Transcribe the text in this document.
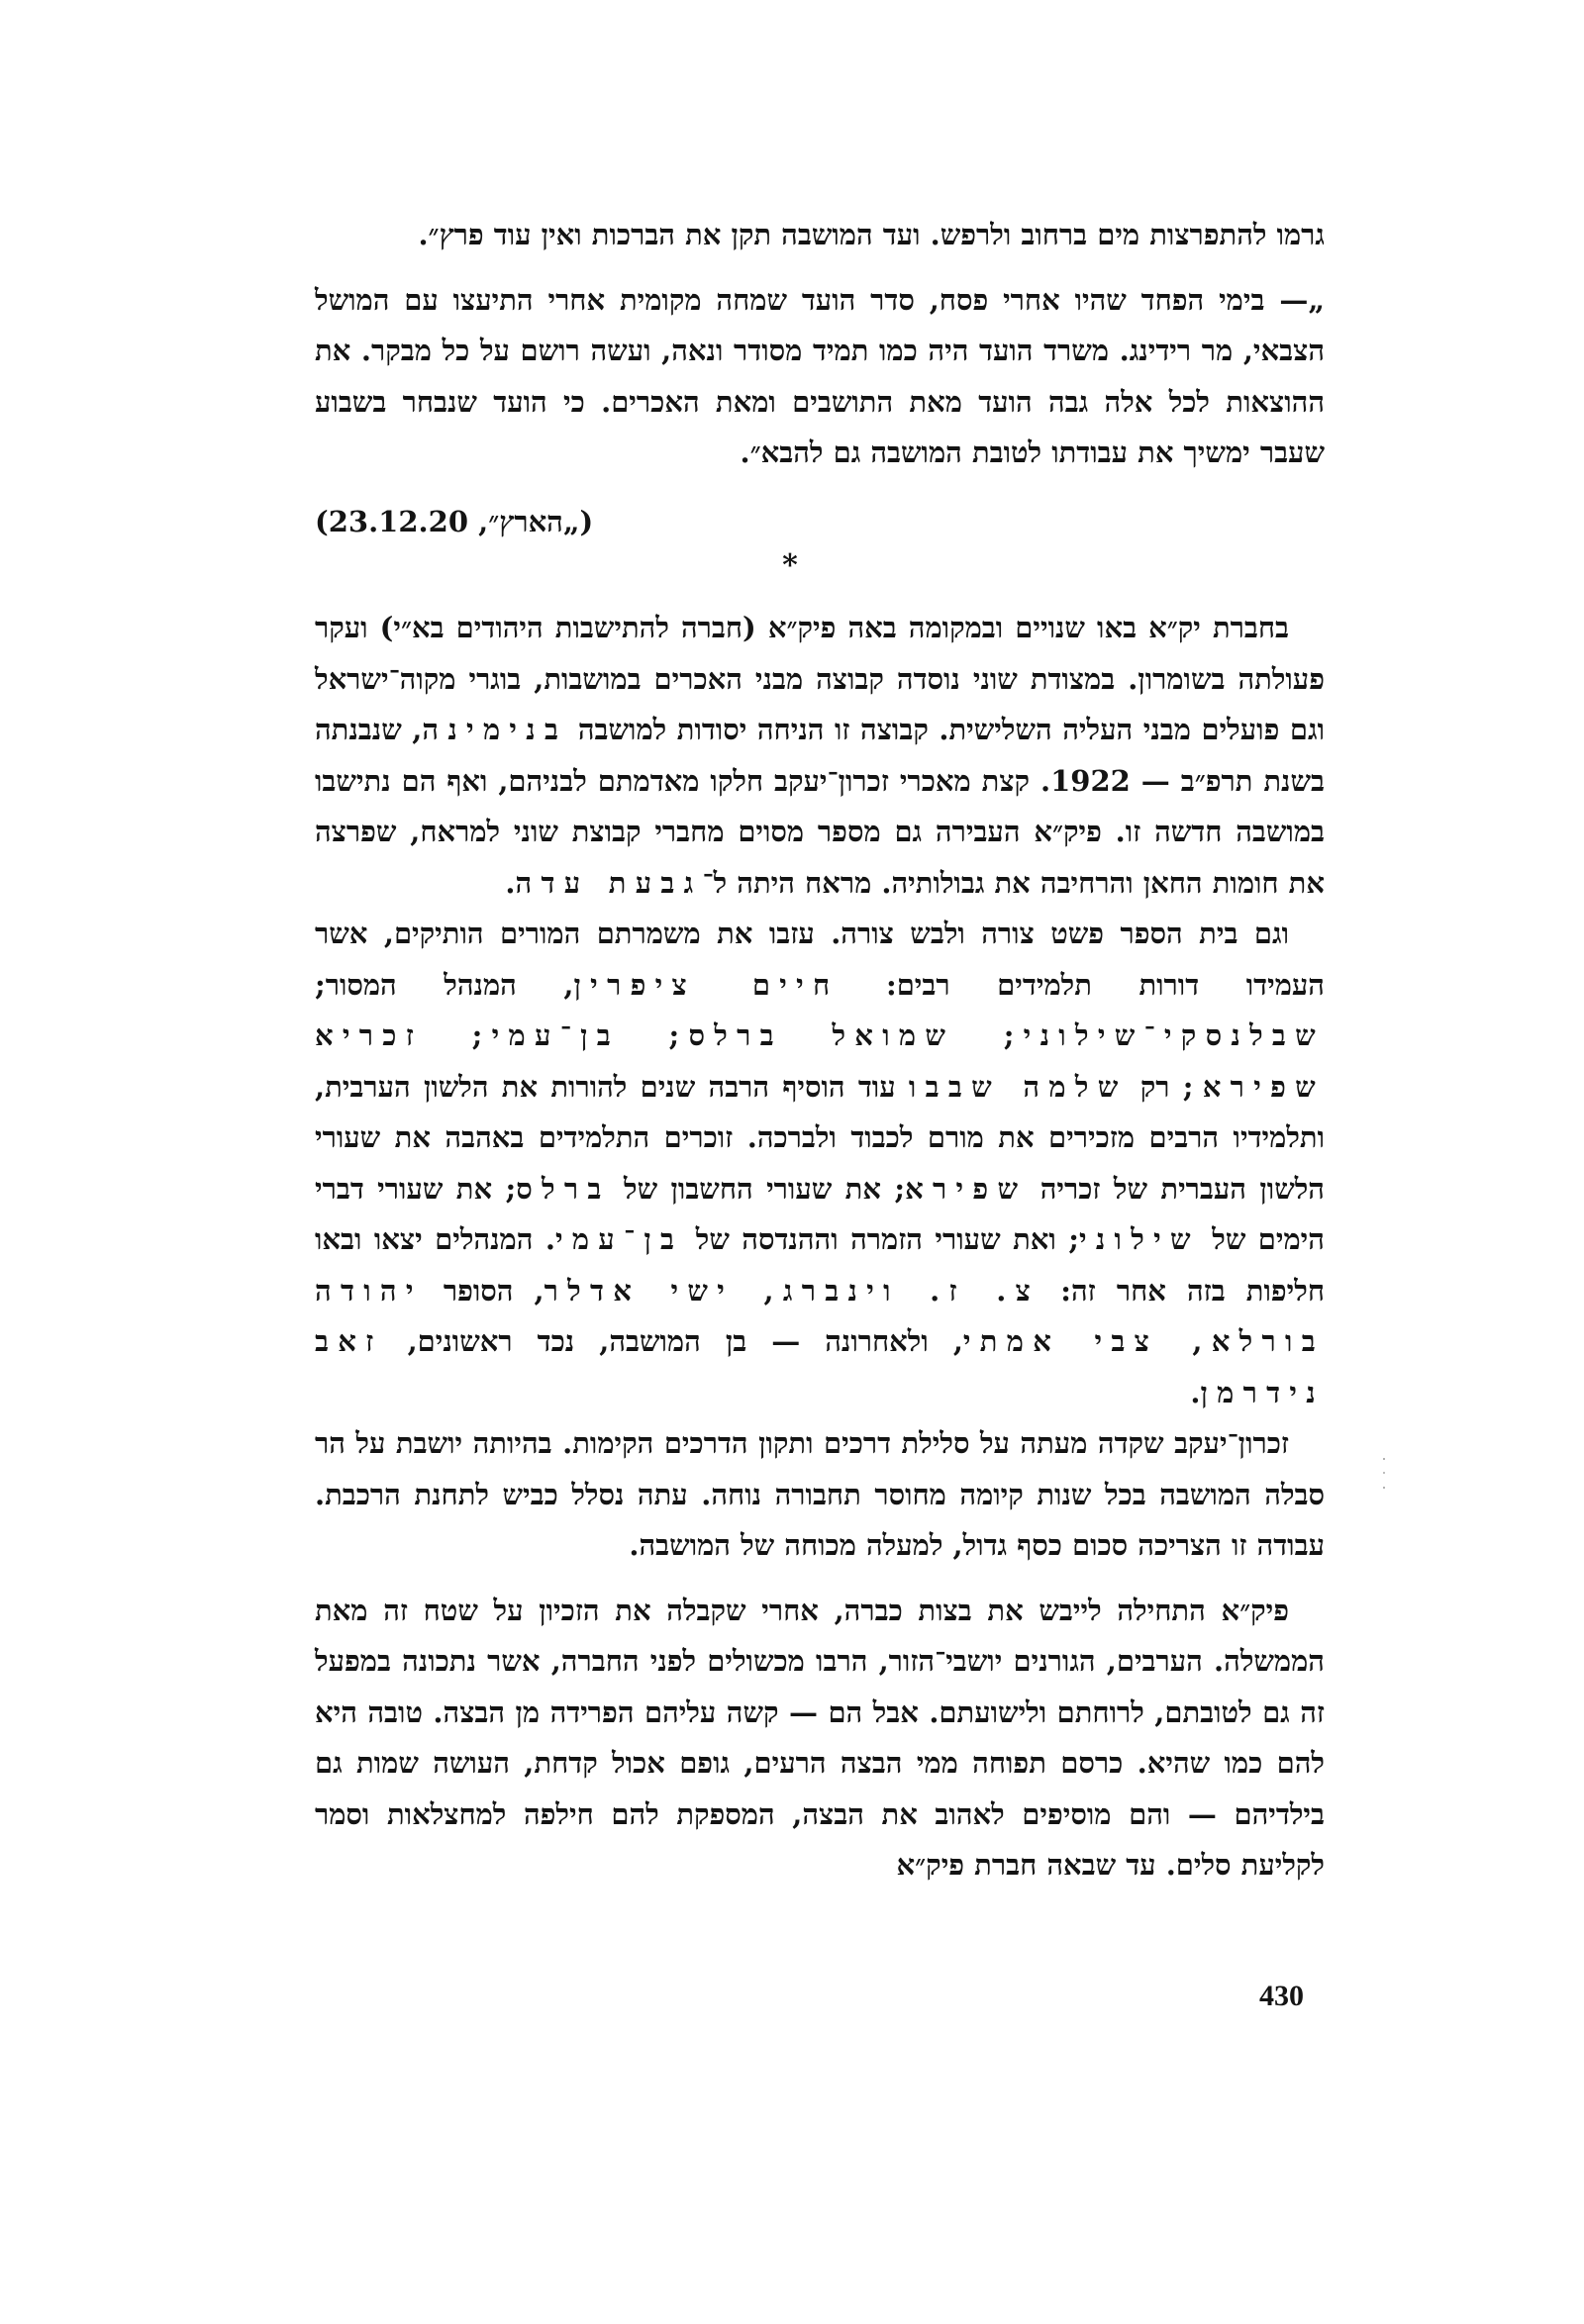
גרמו להתפרצות מים ברחוב ולרפש. ועד המושבה תקן את הברכות ואין עוד פרץ״.

„— בימי הפחד שהיו אחרי פסח, סדר הועד שמחה מקומית אחרי התיעצו עם המושל הצבאי, מר רידינג. משרד הועד היה כמו תמיד מסודר ונאה, ועשה רושם על כל מבקר. את ההוצאות לכל אלה גבה הועד מאת התושבים ומאת האכרים. כי הועד שנבחר בשבוע שעבר ימשיך את עבודתו לטובת המושבה גם להבא״.

(„הארץ״, 23.12.20)

*

בחברת יק״א באו שנויים ובמקומה באה פיק״א (חברה להתישבות היהודים בא״י) ועקר פעולתה בשומרון. במצודת שוני נוסדה קבוצה מבני האכרים במושבות, בוגרי מקוה־ישראל וגם פועלים מבני העליה השלישית. קבוצה זו הניחה יסודות למושבה בנימינה, שנבנתה בשנת תרפ״ב — 1922. קצת מאכרי זכרון־יעקב חלקו מאדמתם לבניהם, ואף הם נתישבו במושבה חדשה זו. פיק״א העבירה גם מספר מסוים מחברי קבוצת שוני למראח, שפרצה את חומות החאן והרחיבה את גבולותיה. מראח היתה ל־גבעת עדה.

וגם בית הספר פשט צורה ולבש צורה. עזבו את משמרתם המורים הותיקים, אשר העמידו דורות תלמידים רבים: חיים ציפרין, המנהל המסור; שבלנסקי־שילוני; שמואל ברלס; בן־עמי; זכריא שפירא; רק שלמה שבבו עוד הוסיף הרבה שנים להורות את הלשון הערבית, ותלמידיו הרבים מזכירים את מורם לכבוד ולברכה. זוכרים התלמידים באהבה את שעורי הלשון העברית של זכריה שפירא; את שעורי החשבון של ברלס; את שעורי דברי הימים של שילוני; ואת שעורי הזמרה וההנדסה של בן־עמי. המנהלים יצאו ובאו חליפות בזה אחר זה: צ. ז. וינברג, ישי אדלר, הסופר יהודה בורלא, צבי אמתי, ולאחרונה — בן המושבה, נכד ראשונים, זאב נידרמן.

זכרון־יעקב שקדה מעתה על סלילת דרכים ותקון הדרכים הקימות. בהיותה יושבת על הר סבלה המושבה בכל שנות קיומה מחוסר תחבורה נוחה. עתה נסלל כביש לתחנת הרכבת. עבודה זו הצריכה סכום כסף גדול, למעלה מכוחה של המושבה.

פיק״א התחילה לייבש את בצות כברה, אחרי שקבלה את הזכיון על שטח זה מאת הממשלה. הערבים, הגורנים יושבי־הזור, הרבו מכשולים לפני החברה, אשר נתכונה במפעל זה גם לטובתם, לרוחתם ולישועתם. אבל הם — קשה עליהם הפרידה מן הבצה. טובה היא להם כמו שהיא. כרסם תפוחה ממי הבצה הרעים, גופם אכול קדחת, העושה שמות גם בילדיהם — והם מוסיפים לאהוב את הבצה, המספקת להם חילפה למחצלאות וסמר לקליעת סלים. עד שבאה חברת פיק״א

430
